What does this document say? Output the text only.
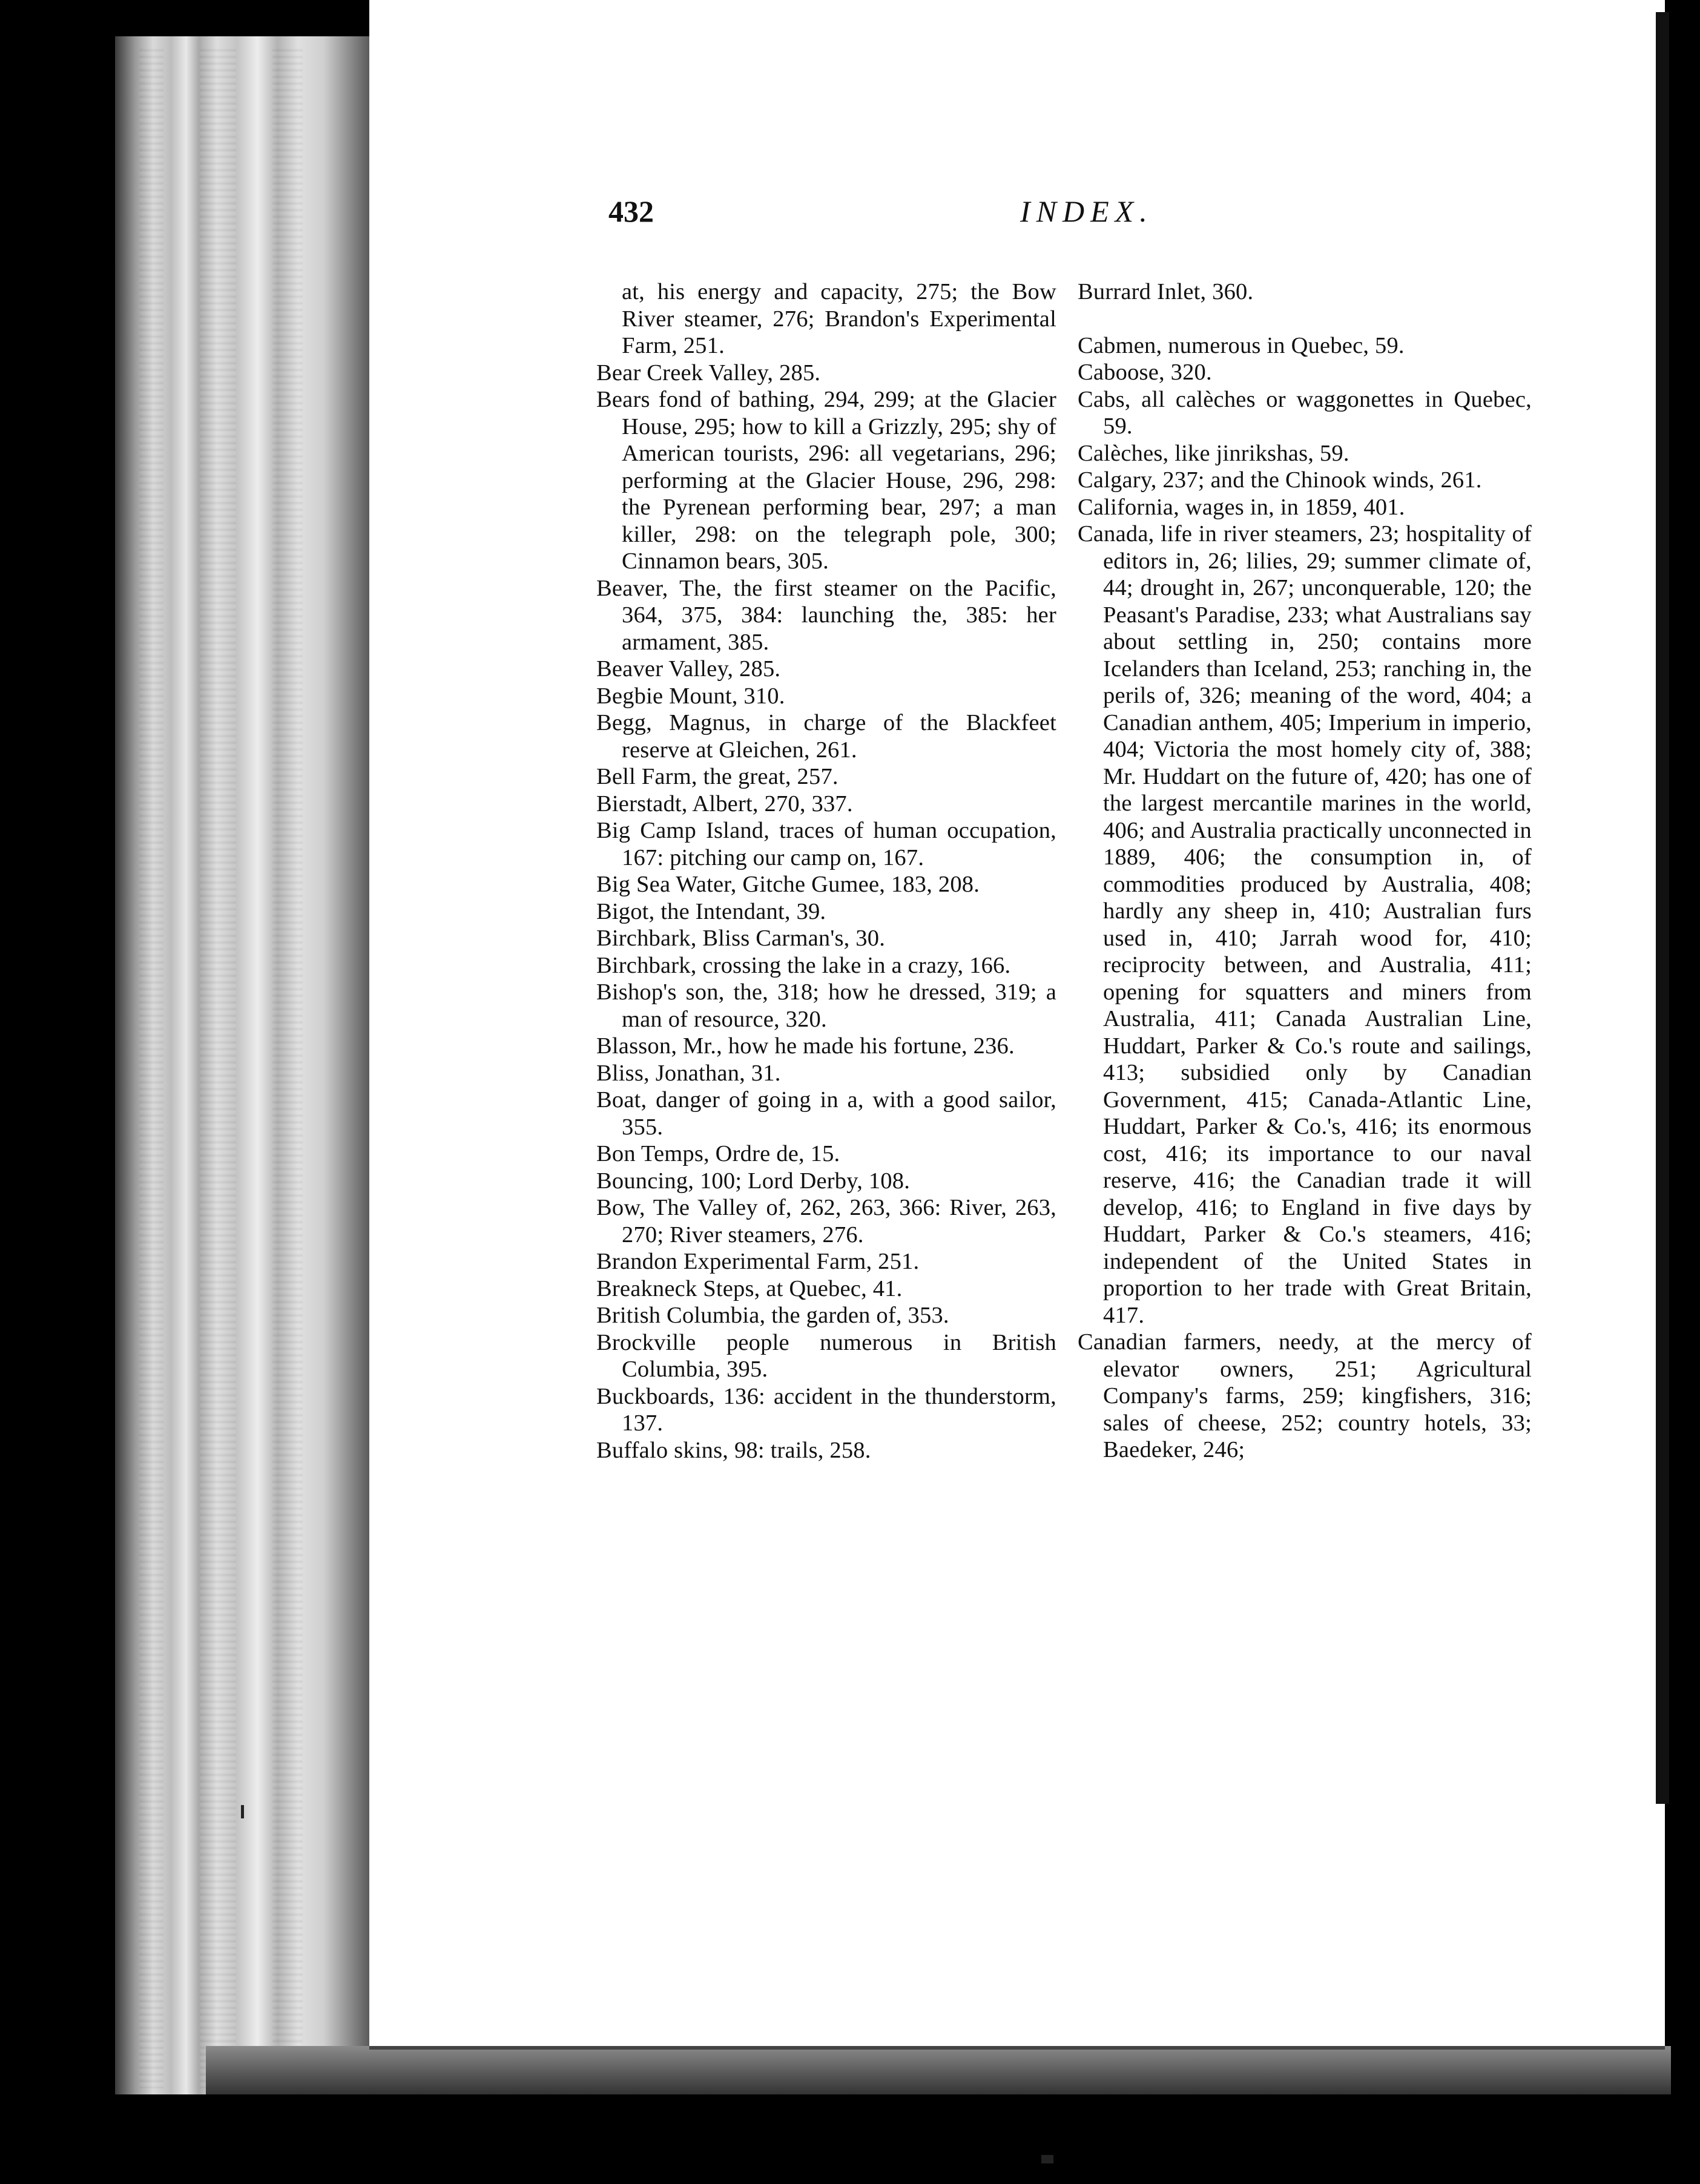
432	INDEX.

at, his energy and capacity, 275; the Bow River steamer, 276; Brandon's Experimental Farm, 251.

Bear Creek Valley, 285.

Bears fond of bathing, 294, 299; at the Glacier House, 295; how to kill a Grizzly, 295; shy of American tourists, 296: all vegetarians, 296; performing at the Glacier House, 296, 298: the Pyrenean performing bear, 297; a man killer, 298: on the telegraph pole, 300; Cinnamon bears, 305.

Beaver, The, the first steamer on the Pacific, 364, 375, 384: launching the, 385: her armament, 385.

Beaver Valley, 285.

Begbie Mount, 310.

Begg, Magnus, in charge of the Blackfeet reserve at Gleichen, 261.

Bell Farm, the great, 257.

Bierstadt, Albert, 270, 337.

Big Camp Island, traces of human occupation, 167: pitching our camp on, 167.

Big Sea Water, Gitche Gumee, 183, 208.

Bigot, the Intendant, 39.

Birchbark, Bliss Carman's, 30.

Birchbark, crossing the lake in a crazy, 166.

Bishop's son, the, 318; how he dressed, 319; a man of resource, 320.

Blasson, Mr., how he made his fortune, 236.

Bliss, Jonathan, 31.

Boat, danger of going in a, with a good sailor, 355.

Bon Temps, Ordre de, 15.

Bouncing, 100; Lord Derby, 108.

Bow, The Valley of, 262, 263, 366: River, 263, 270; River steamers, 276.

Brandon Experimental Farm, 251.

Breakneck Steps, at Quebec, 41.

British Columbia, the garden of, 353.

Brockville people numerous in British Columbia, 395.

Buckboards, 136: accident in the thunderstorm, 137.

Buffalo skins, 98: trails, 258.

Burrard Inlet, 360.

Cabmen, numerous in Quebec, 59.

Caboose, 320.

Cabs, all calèches or waggonettes in Quebec, 59.

Calèches, like jinrikshas, 59.

Calgary, 237; and the Chinook winds, 261.

California, wages in, in 1859, 401.

Canada, life in river steamers, 23; hospitality of editors in, 26; lilies, 29; summer climate of, 44; drought in, 267; unconquerable, 120; the Peasant's Paradise, 233; what Australians say about settling in, 250; contains more Icelanders than Iceland, 253; ranching in, the perils of, 326; meaning of the word, 404; a Canadian anthem, 405; Imperium in imperio, 404; Victoria the most homely city of, 388; Mr. Huddart on the future of, 420; has one of the largest mercantile marines in the world, 406; and Australia practically unconnected in 1889, 406; the consumption in, of commodities produced by Australia, 408; hardly any sheep in, 410; Australian furs used in, 410; Jarrah wood for, 410; reciprocity between, and Australia, 411; opening for squatters and miners from Australia, 411; Canada Australian Line, Huddart, Parker & Co.'s route and sailings, 413; subsidied only by Canadian Government, 415; Canada-Atlantic Line, Huddart, Parker & Co.'s, 416; its enormous cost, 416; its importance to our naval reserve, 416; the Canadian trade it will develop, 416; to England in five days by Huddart, Parker & Co.'s steamers, 416; independent of the United States in proportion to her trade with Great Britain, 417.

Canadian farmers, needy, at the mercy of elevator owners, 251; Agricultural Company's farms, 259; kingfishers, 316; sales of cheese, 252; country hotels, 33; Baedeker, 246;
